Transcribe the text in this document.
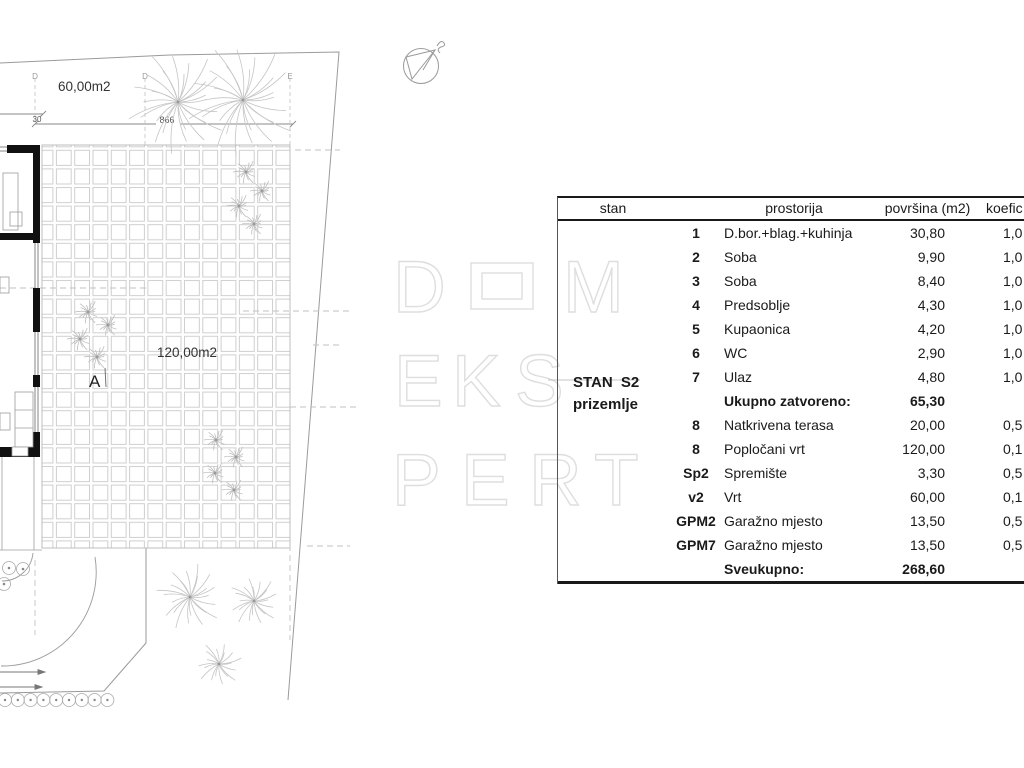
D M
E K S
P E R T
30	866
D	D	E
60,00m2
120,00m2
A
stan	prostorija	površina (m2)	koefic
1	D.bor.+blag.+kuhinja	30,80	1,0
2	Soba	9,90	1,0
3	Soba	8,40	1,0
4	Predsoblje	4,30	1,0
5	Kupaonica	4,20	1,0
6	WC	2,90	1,0
7	Ulaz	4,80	1,0
Ukupno zatvoreno:	65,30
8	Natkrivena terasa	20,00	0,5
8	Popločani vrt	120,00	0,1
Sp2	Spremište	3,30	0,5
v2	Vrt	60,00	0,1
GPM2 Garažno mjesto	13,50	0,5
GPM7 Garažno mjesto	13,50	0,5
Sveukupno:	268,60
STAN S2
prizemlje
